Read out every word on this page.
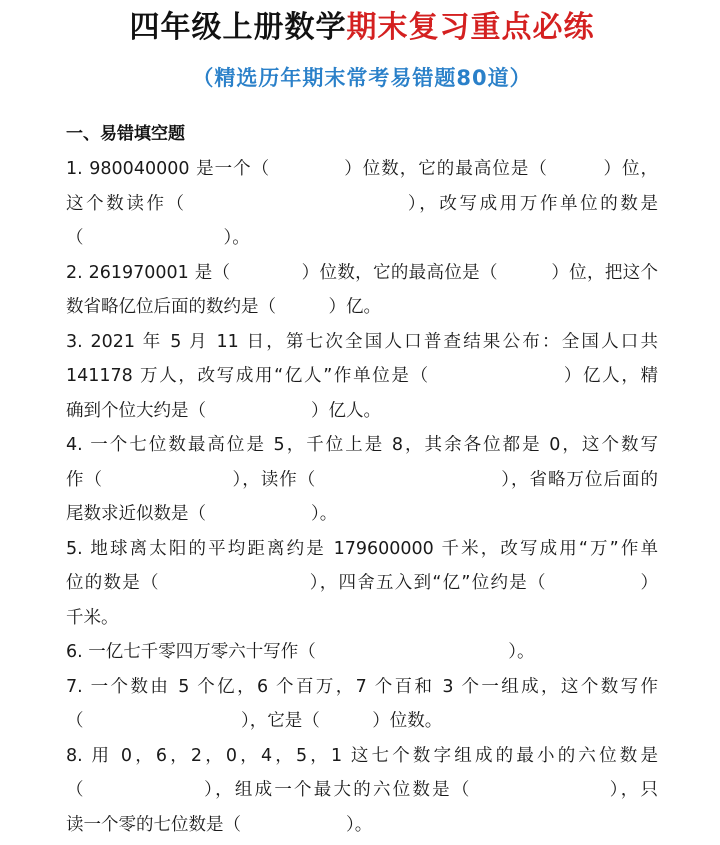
四年级上册数学期末复习重点必练
（精选历年期末常考易错题80道）
一、易错填空题
1. 980040000 是一个（　　　　）位数，它的最高位是（　　　）位，
这个数读作（　　　　　　　　　　　），改写成用万作单位的数是
（　　　　　　　　）。
2. 261970001 是（　　　　）位数，它的最高位是（　　　）位，把这个
数省略亿位后面的数约是（　　　）亿。
3. 2021 年 5 月 11 日，第七次全国人口普查结果公布：全国人口共
141178 万人，改写成用“亿人”作单位是（　　　　　　　）亿人，精
确到个位大约是（　　　　　　）亿人。
4. 一个七位数最高位是 5，千位上是 8，其余各位都是 0，这个数写
作（　　　　　　　），读作（　　　　　　　　　　），省略万位后面的
尾数求近似数是（　　　　　　）。
5. 地球离太阳的平均距离约是 179600000 千米，改写成用“万”作单
位的数是（　　　　　　　　），四舍五入到“亿”位约是（　　　　　）
千米。
6. 一亿七千零四万零六十写作（　　　　　　　　　　　）。
7. 一个数由 5 个亿，6 个百万，7 个百和 3 个一组成，这个数写作
（　　　　　　　　　），它是（　　　）位数。
8. 用 0，6，2，0，4，5，1 这七个数字组成的最小的六位数是
（　　　　　　），组成一个最大的六位数是（　　　　　　　），只
读一个零的七位数是（　　　　　　）。
